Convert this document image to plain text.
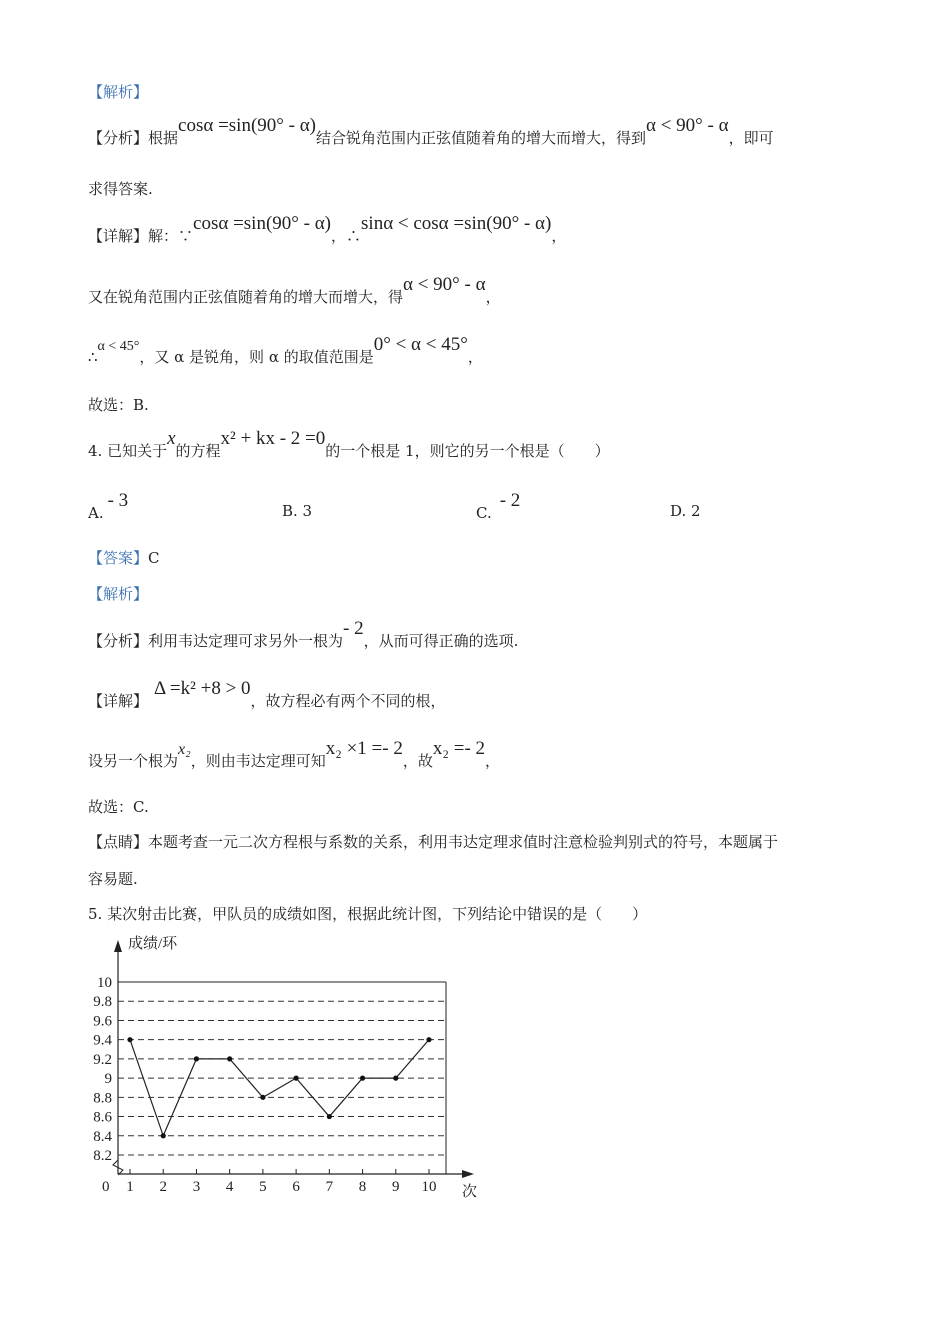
【解析】
【分析】根据cosα =sin(90° - α)结合锐角范围内正弦值随着角的增大而增大，得到α < 90° - α，即可
求得答案.
【详解】解：∵cosα =sin(90° - α)，∴sinα < cosα =sin(90° - α)，
又在锐角范围内正弦值随着角的增大而增大，得α < 90° - α，
∴α < 45°，又 α 是锐角，则 α 的取值范围是0° < α < 45°，
故选：B.
4. 已知关于x的方程x² + kx - 2 =0的一个根是 1，则它的另一个根是（　　）
A.- 3	B. 3	C.- 2	D. 2
【答案】C
【解析】
【分析】利用韦达定理可求另外一根为- 2，从而可得正确的选项.
【详解】Δ =k² +8 > 0，故方程必有两个不同的根，
设另一个根为x₂，则由韦达定理可知x₂ ×1 =- 2，故x₂ =- 2，
故选：C.
【点睛】本题考查一元二次方程根与系数的关系，利用韦达定理求值时注意检验判别式的符号，本题属于
容易题.
5. 某次射击比赛，甲队员的成绩如图，根据此统计图，下列结论中错误的是（　　）
成绩/环
次
0
8.2
8.4
8.6
8.8
9
9.2
9.4
9.6
9.8
10
1 2 3 4 5 6 7 8 9 10
